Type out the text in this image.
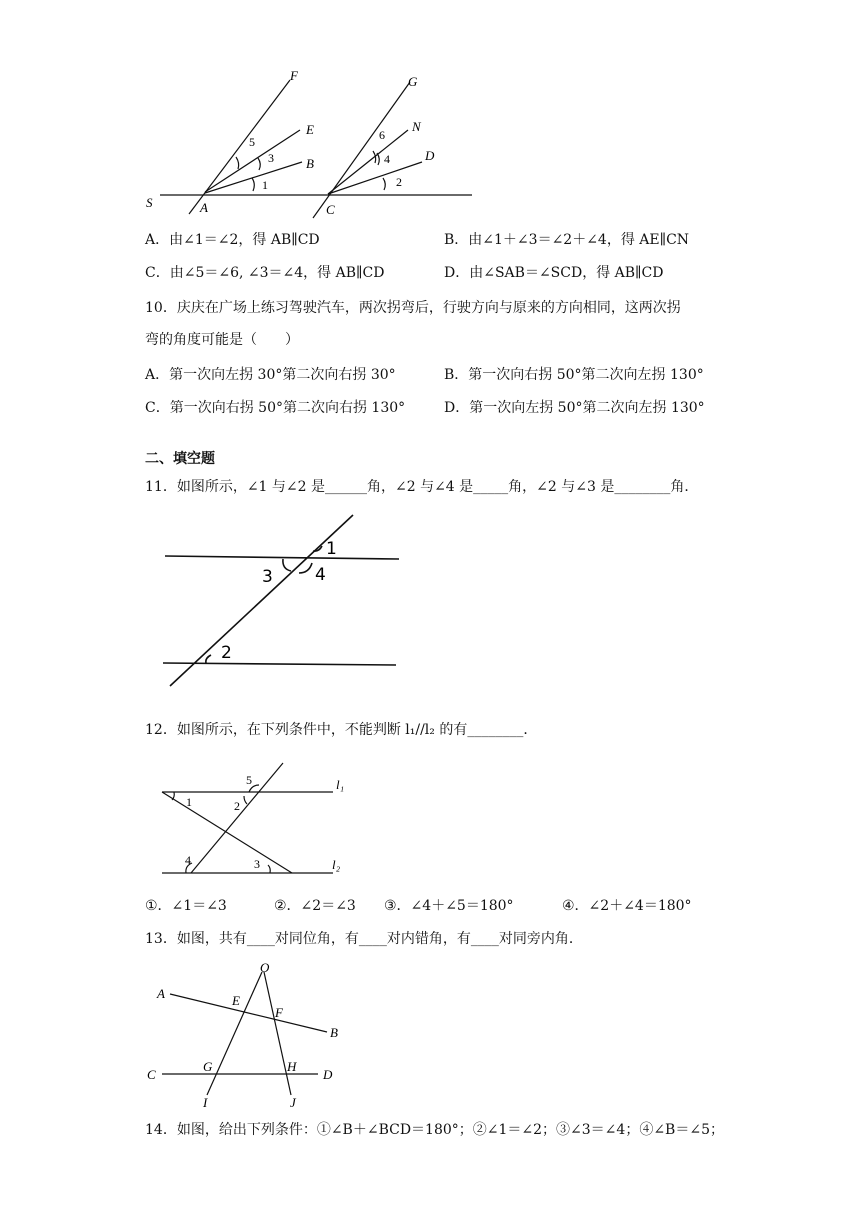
F
E
B
S	A	C
G
N
D
5
3
1
6
4
2
A．由∠1＝∠2，得 AB∥CD	B．由∠1＋∠3＝∠2＋∠4，得 AE∥CN
C．由∠5＝∠6, ∠3＝∠4，得 AB∥CD	D．由∠SAB＝∠SCD，得 AB∥CD
10．庆庆在广场上练习驾驶汽车，两次拐弯后，行驶方向与原来的方向相同，这两次拐
弯的角度可能是（　　）
A．第一次向左拐 30°第二次向右拐 30°	B．第一次向右拐 50°第二次向左拐 130°
C．第一次向右拐 50°第二次向右拐 130°	D．第一次向左拐 50°第二次向左拐 130°
二、填空题
11．如图所示，∠1 与∠2 是______角，∠2 与∠4 是_____角，∠2 与∠3 是________角．
1
3 4
2
12．如图所示，在下列条件中，不能判断 l₁//l₂ 的有________．
l₁
l₂
1	2
5
3
4
①．∠1＝∠3	②．∠2＝∠3 ③．∠4＋∠5＝180°	④．∠2＋∠4＝180°
13．如图，共有____对同位角，有____对内错角，有____对同旁内角．
O
A
B
E
F
C	D
G	H
I	J
14．如图，给出下列条件：①∠B＋∠BCD＝180°；②∠1＝∠2；③∠3＝∠4；④∠B＝∠5；
